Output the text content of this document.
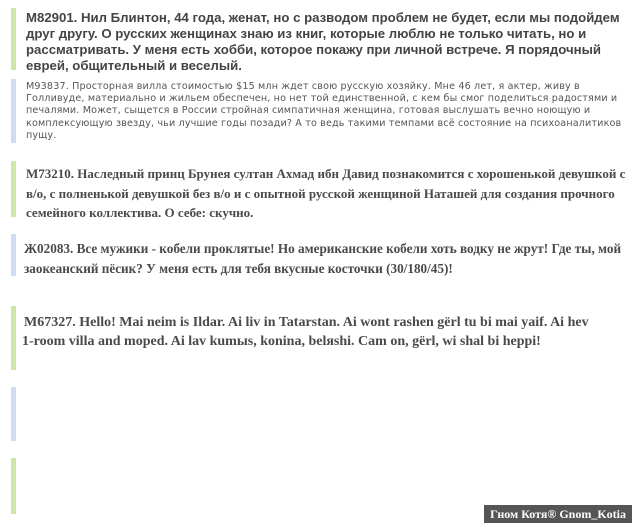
M82901. Нил Блинтон, 44 года, женат, но с разводом проблем не будет, если мы подойдем друг другу. О русских женщинах знаю из книг, которые люблю не только читать, но и рассматривать. У меня есть хобби, которое покажу при личной встрече. Я порядочный еврей, общительный и веселый.
M93837. Просторная вилла стоимостью $15 млн ждет свою русскую хозяйку. Мне 46 лет, я актер, живу в Голливуде, материально и жильем обеспечен, но нет той единственной, с кем бы смог поделиться радостями и печалями. Может, сыщется в России стройная симпатичная женщина, готовая выслушать вечно ноющую и комплексующую звезду, чьи лучшие годы позади? А то ведь такими темпами всё состояние на психоаналитиков пущу.
M73210. Наследный принц Брунея султан Ахмад ибн Давид познакомится с хорошенькой девушкой с в/о, с полненькой девушкой без в/о и с опытной русской женщиной Наташей для создания прочного семейного коллектива. О себе: скучно.
Ж02083. Все мужики - кобели проклятые! Но американские кобели хоть водку не жрут! Где ты, мой заокеанский пёсик? У меня есть для тебя вкусные косточки (30/180/45)!
M67327. Hello! Mai neim is Ildar. Ai liv in Tatarstan. Ai wont rashen gёrl tu bi mai yaif. Ai hev
1-room villa and moped. Ai lav kumыs, konina, belяshi. Cam on, gёrl, wi shal bi heppi!
Гном Котя® Gnom_Kotia
